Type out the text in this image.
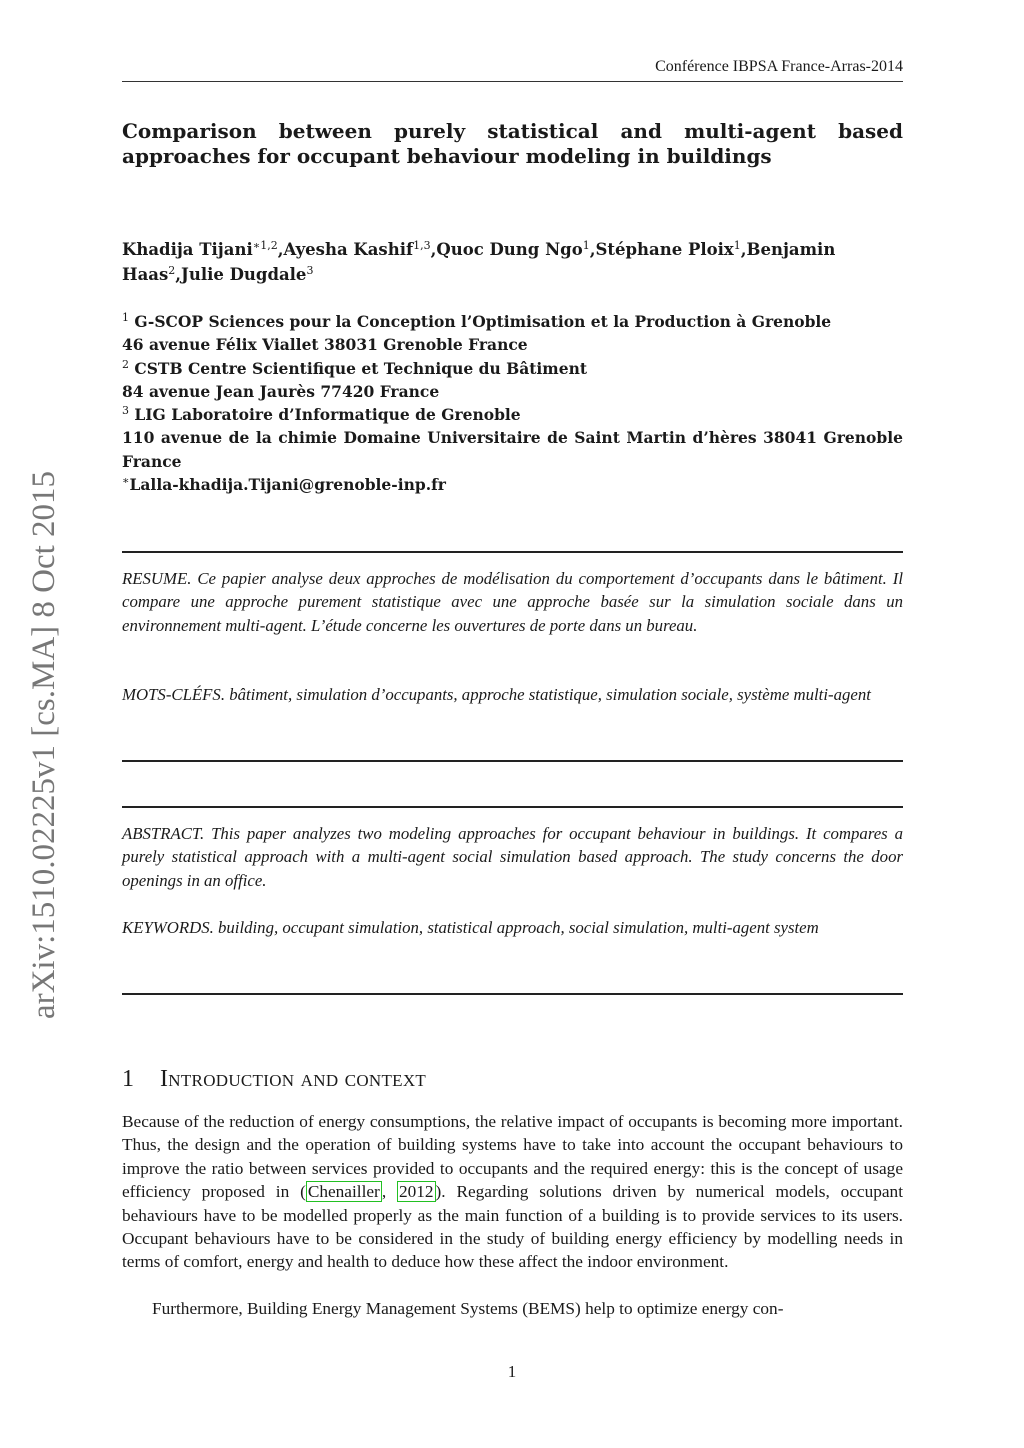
Conférence IBPSA France-Arras-2014
Comparison between purely statistical and multi-agent based approaches for occupant behaviour modeling in buildings
Khadija Tijani$^{∗1,2}$,Ayesha Kashif$^{1,3}$,Quoc Dung Ngo$^1$,Stéphane Ploix$^1$,Benjamin Haas$^2$,Julie Dugdale$^3$
$^1$ G-SCOP Sciences pour la Conception l’Optimisation et la Production à Grenoble
46 avenue Félix Viallet 38031 Grenoble France
$^2$ CSTB Centre Scientifique et Technique du Bâtiment
84 avenue Jean Jaurès 77420 France
$^3$ LIG Laboratoire d’Informatique de Grenoble
110 avenue de la chimie Domaine Universitaire de Saint Martin d’hères 38041 Grenoble France
∗Lalla-khadija.Tijani@grenoble-inp.fr

RESUME. Ce papier analyse deux approches de modélisation du comportement d’occupants dans le bâtiment. Il compare une approche purement statistique avec une approche basée sur la simulation sociale dans un environnement multi-agent. L’étude concerne les ouvertures de porte dans un bureau.

MOTS-CLÉFS. bâtiment, simulation d’occupants, approche statistique, simulation sociale, système multi-agent

ABSTRACT. This paper analyzes two modeling approaches for occupant behaviour in buildings. It compares a purely statistical approach with a multi-agent social simulation based approach. The study concerns the door openings in an office.

KEYWORDS. building, occupant simulation, statistical approach, social simulation, multi-agent system

arXiv:1510.02225v1 [cs.MA] 8 Oct 2015
1 Introduction and context

Because of the reduction of energy consumptions, the relative impact of occupants is becoming more important. Thus, the design and the operation of building systems have to take into account the occupant behaviours to improve the ratio between services provided to occupants and the required energy: this is the concept of usage efficiency proposed in ( Chenailler , 2012 ). Regarding solutions driven by numerical models, occupant behaviours have to be modelled properly as the main function of a building is to provide services to its users. Occupant behaviours have to be considered in the study of building energy efficiency by modelling needs in terms of comfort, energy and health to deduce how these affect the indoor environment.

Furthermore, Building Energy Management Systems (BEMS) help to optimize energy con-

1
